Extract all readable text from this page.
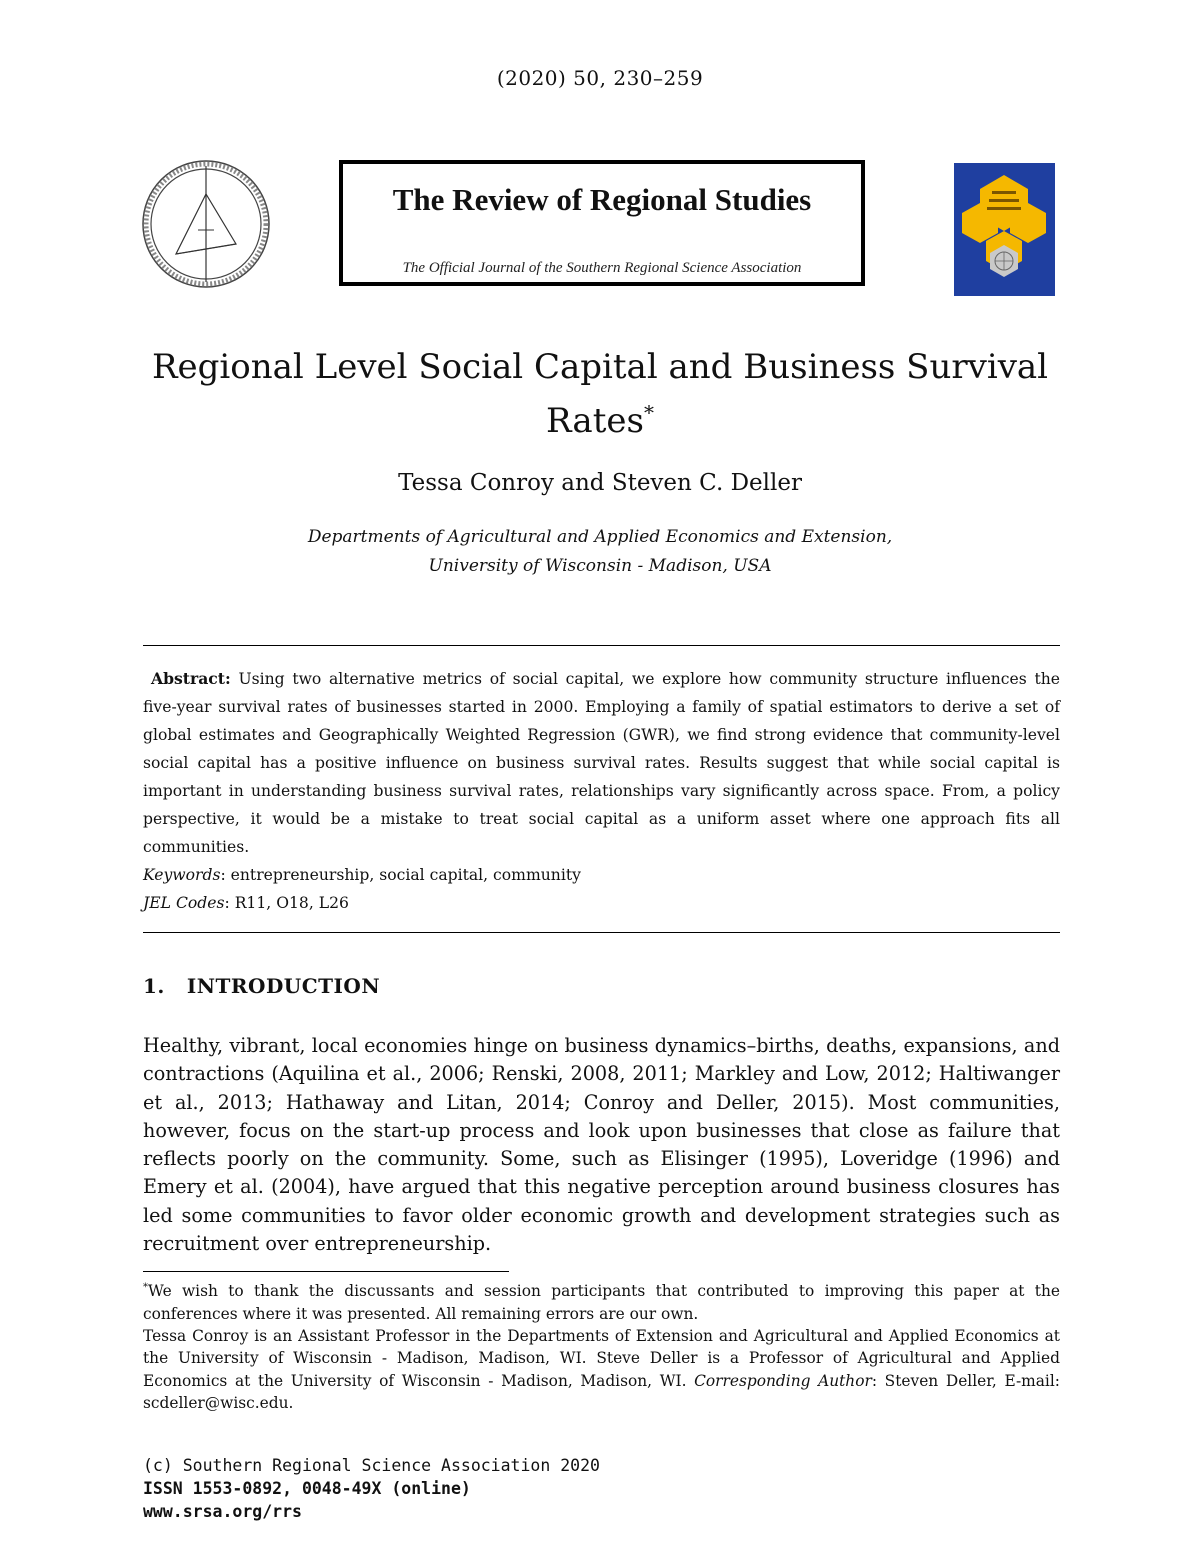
(2020) 50, 230–259
The Review of Regional Studies
The Official Journal of the Southern Regional Science Association
Regional Level Social Capital and Business Survival
Rates*
Tessa Conroy and Steven C. Deller
Departments of Agricultural and Applied Economics and Extension,
University of Wisconsin - Madison, USA

Abstract: Using two alternative metrics of social capital, we explore how community structure influences the five-year survival rates of businesses started in 2000. Employing a family of spatial estimators to derive a set of global estimates and Geographically Weighted Regression (GWR), we find strong evidence that community-level social capital has a positive influence on business survival rates. Results suggest that while social capital is important in understanding business survival rates, relationships vary significantly across space. From, a policy perspective, it would be a mistake to treat social capital as a uniform asset where one approach fits all communities.

Keywords: entrepreneurship, social capital, community
JEL Codes: R11, O18, L26
1. INTRODUCTION

Healthy, vibrant, local economies hinge on business dynamics–births, deaths, expansions, and contractions (Aquilina et al., 2006; Renski, 2008, 2011; Markley and Low, 2012; Haltiwanger et al., 2013; Hathaway and Litan, 2014; Conroy and Deller, 2015). Most communities, however, focus on the start-up process and look upon businesses that close as failure that reflects poorly on the community. Some, such as Elisinger (1995), Loveridge (1996) and Emery et al. (2004), have argued that this negative perception around business closures has led some communities to favor older economic growth and development strategies such as recruitment over entrepreneurship.

*We wish to thank the discussants and session participants that contributed to improving this paper at the conferences where it was presented. All remaining errors are our own.

Tessa Conroy is an Assistant Professor in the Departments of Extension and Agricultural and Applied Economics at the University of Wisconsin - Madison, Madison, WI. Steve Deller is a Professor of Agricultural and Applied Economics at the University of Wisconsin - Madison, Madison, WI. Corresponding Author: Steven Deller, E-mail: scdeller@wisc.edu.

(c) Southern Regional Science Association 2020
ISSN 1553-0892, 0048-49X (online)
www.srsa.org/rrs
